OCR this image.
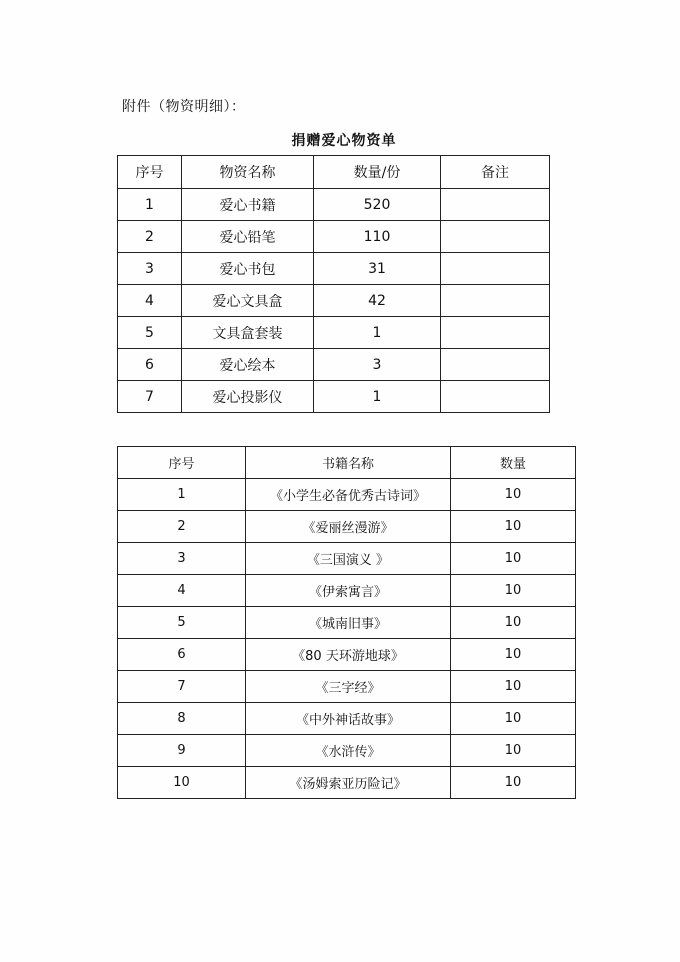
附件（物资明细）：
捐赠爱心物资单
序号	物资名称	数量/份	备注
1	爱心书籍	520	
2	爱心铅笔	110	
3	爱心书包	31	
4	爱心文具盒	42	
5	文具盒套装	1	
6	爱心绘本	3	
7	爱心投影仪	1	
序号	书籍名称	数量
1	《小学生必备优秀古诗词》	10
2	《爱丽丝漫游》	10
3	《三国演义 》	10
4	《伊索寓言》	10
5	《城南旧事》	10
6	《80 天环游地球》	10
7	《三字经》	10
8	《中外神话故事》	10
9	《水浒传》	10
10	《汤姆索亚历险记》	10
